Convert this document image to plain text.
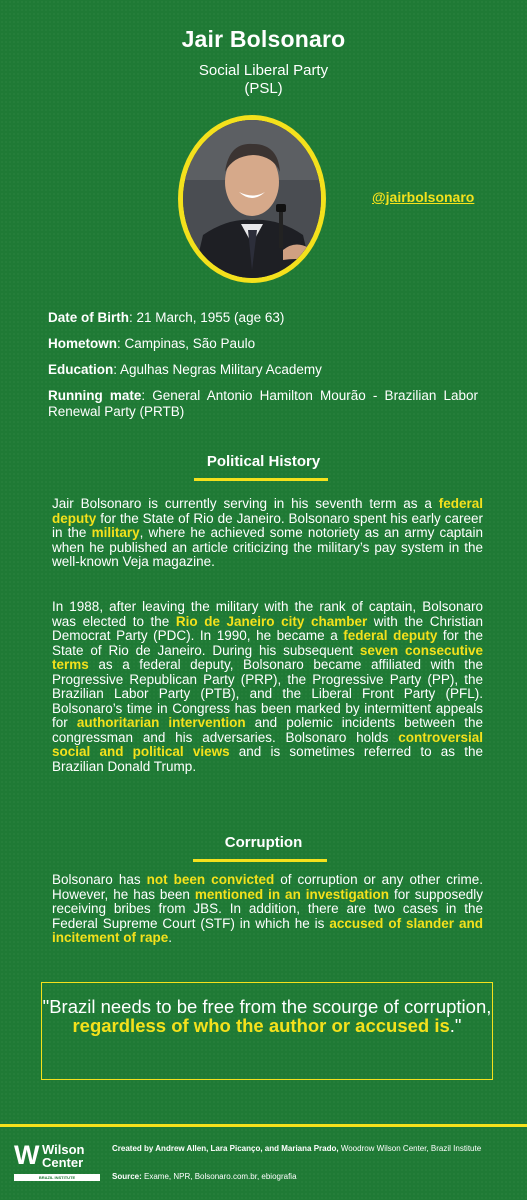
Jair Bolsonaro
Social Liberal Party
(PSL)
@jairbolsonaro

Date of Birth: 21 March, 1955 (age 63)

Hometown: Campinas, São Paulo

Education: Agulhas Negras Military Academy

Running mate: General Antonio Hamilton Mourão - Brazilian Labor Renewal Party (PRTB)

Political History
Jair Bolsonaro is currently serving in his seventh term as a federal deputy for the State of Rio de Janeiro. Bolsonaro spent his early career in the military, where he achieved some notoriety as an army captain when he published an article criticizing the military’s pay system in the well-known Veja magazine.
In 1988, after leaving the military with the rank of captain, Bolsonaro was elected to the Rio de Janeiro city chamber with the Christian Democrat Party (PDC). In 1990, he became a federal deputy for the State of Rio de Janeiro. During his subsequent seven consecutive terms as a federal deputy, Bolsonaro became affiliated with the Progressive Republican Party (PRP), the Progressive Party (PP), the Brazilian Labor Party (PTB), and the Liberal Front Party (PFL). Bolsonaro’s time in Congress has been marked by intermittent appeals for authoritarian intervention and polemic incidents between the congressman and his adversaries. Bolsonaro holds controversial social and political views and is sometimes referred to as the Brazilian Donald Trump.
Corruption
Bolsonaro has not been convicted of corruption or any other crime. However, he has been mentioned in an investigation for supposedly receiving bribes from JBS. In addition, there are two cases in the Federal Supreme Court (STF) in which he is accused of slander and incitement of rape.
"Brazil needs to be free from the scourge of corruption, regardless of who the author or accused is."
W Wilson
Center
BRAZIL INSTITUTE
Created by Andrew Allen, Lara Picanço, and Mariana Prado, Woodrow Wilson Center, Brazil Institute
Source: Exame, NPR, Bolsonaro.com.br, ebiografia
